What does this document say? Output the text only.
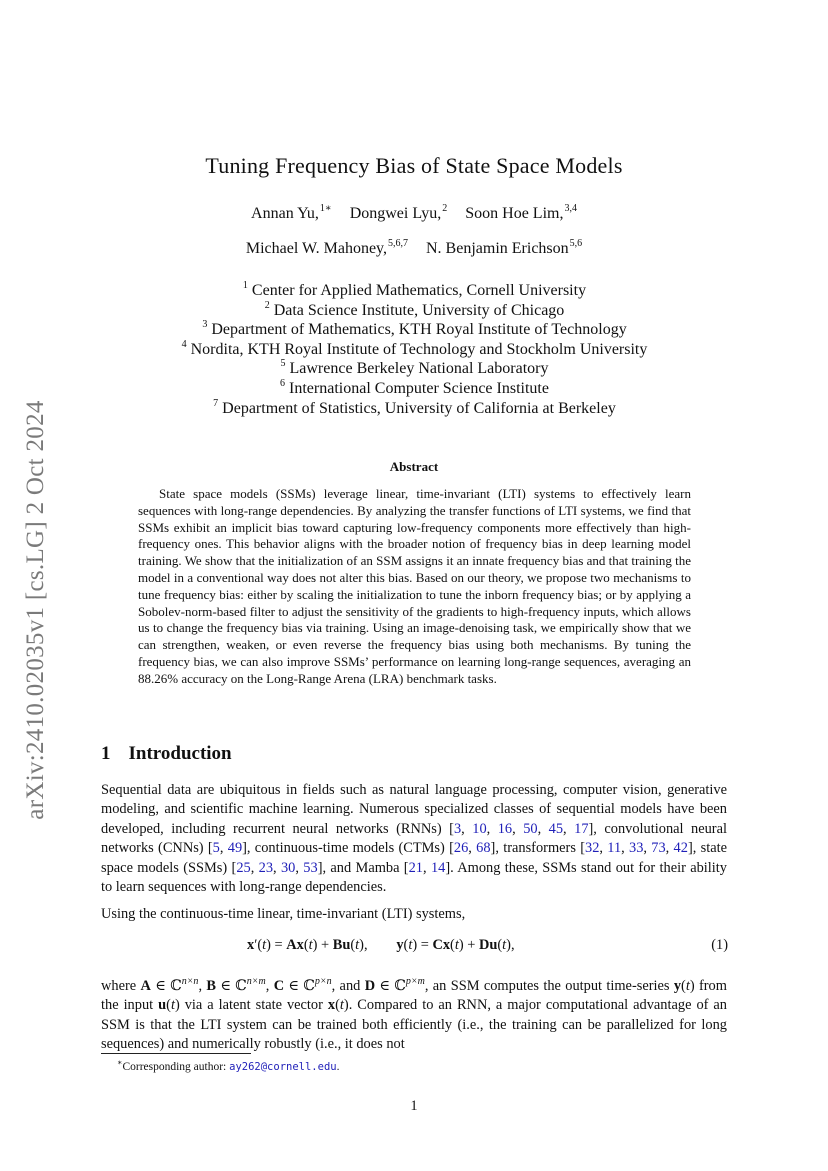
arXiv:2410.02035v1 [cs.LG] 2 Oct 2024
Tuning Frequency Bias of State Space Models
Annan Yu,$^{1∗}$ Dongwei Lyu,$^2$ Soon Hoe Lim,$^{3,4}$
Michael W. Mahoney,$^{5,6,7}$ N. Benjamin Erichson$^{5,6}$
$^1$ Center for Applied Mathematics, Cornell University
$^2$ Data Science Institute, University of Chicago
$^3$ Department of Mathematics, KTH Royal Institute of Technology
$^4$ Nordita, KTH Royal Institute of Technology and Stockholm University
$^5$ Lawrence Berkeley National Laboratory
$^6$ International Computer Science Institute
$^7$ Department of Statistics, University of California at Berkeley
Abstract

State space models (SSMs) leverage linear, time-invariant (LTI) systems to effectively learn sequences with long-range dependencies. By analyzing the transfer functions of LTI systems, we find that SSMs exhibit an implicit bias toward capturing low-frequency components more effectively than high-frequency ones. This behavior aligns with the broader notion of frequency bias in deep learning model training. We show that the initialization of an SSM assigns it an innate frequency bias and that training the model in a conventional way does not alter this bias. Based on our theory, we propose two mechanisms to tune frequency bias: either by scaling the initialization to tune the inborn frequency bias; or by applying a Sobolev-norm-based filter to adjust the sensitivity of the gradients to high-frequency inputs, which allows us to change the frequency bias via training. Using an image-denoising task, we empirically show that we can strengthen, weaken, or even reverse the frequency bias using both mechanisms. By tuning the frequency bias, we can also improve SSMs’ performance on learning long-range sequences, averaging an 88.26% accuracy on the Long-Range Arena (LRA) benchmark tasks.

1 Introduction

Sequential data are ubiquitous in fields such as natural language processing, computer vision, generative modeling, and scientific machine learning. Numerous specialized classes of sequential models have been developed, including recurrent neural networks (RNNs) [3, 10, 16, 50, 45, 17], convolutional neural networks (CNNs) [5, 49], continuous-time models (CTMs) [26, 68], transformers [32, 11, 33, 73, 42], state space models (SSMs) [25, 23, 30, 53], and Mamba [21, 14]. Among these, SSMs stand out for their ability to learn sequences with long-range dependencies.

Using the continuous-time linear, time-invariant (LTI) systems,

x′(t) = Ax(t) + Bu(t), y(t) = Cx(t) + Du(t),	(1)

where A ∈ ℂ$^{n\times n}$, B ∈ ℂ$^{n\times m}$, C ∈ ℂ$^{p\times n}$, and D ∈ ℂ$^{p\times m}$, an SSM computes the output time-series y(t) from the input u(t) via a latent state vector x(t). Compared to an RNN, a major computational advantage of an SSM is that the LTI system can be trained both efficiently (i.e., the training can be parallelized for long sequences) and numerically robustly (i.e., it does not

∗Corresponding author: ay262@cornell.edu.
1
